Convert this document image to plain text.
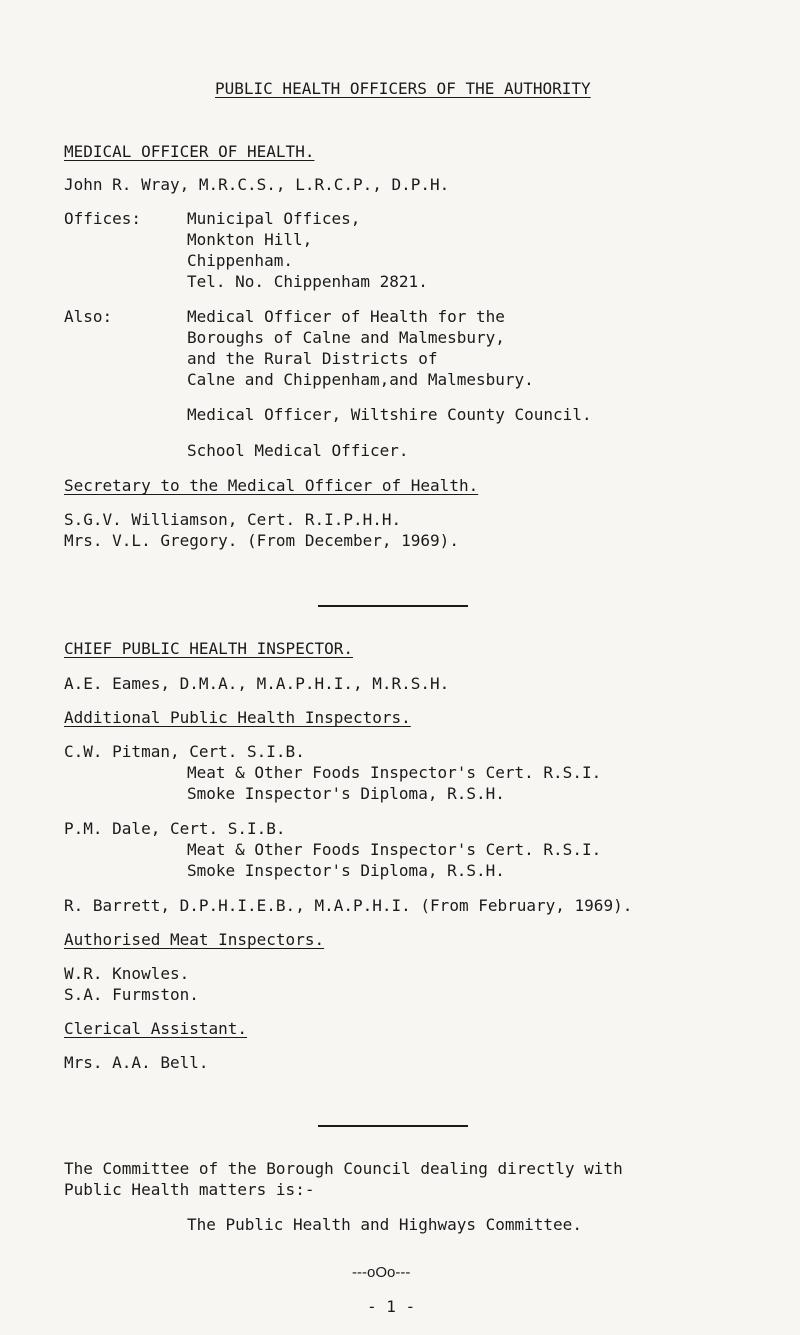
PUBLIC HEALTH OFFICERS OF THE AUTHORITY
MEDICAL OFFICER OF HEALTH.
John R. Wray, M.R.C.S., L.R.C.P., D.P.H.
Offices:	Municipal Offices,
Monkton Hill,
Chippenham.
Tel. No. Chippenham 2821.
Also:	Medical Officer of Health for the
Boroughs of Calne and Malmesbury,
and the Rural Districts of
Calne and Chippenham,and Malmesbury.
Medical Officer, Wiltshire County Council.
School Medical Officer.
Secretary to the Medical Officer of Health.
S.G.V. Williamson, Cert. R.I.P.H.H.
Mrs. V.L. Gregory. (From December, 1969).
CHIEF PUBLIC HEALTH INSPECTOR.
A.E. Eames, D.M.A., M.A.P.H.I., M.R.S.H.
Additional Public Health Inspectors.
C.W. Pitman, Cert. S.I.B.
Meat & Other Foods Inspector's Cert. R.S.I.
Smoke Inspector's Diploma, R.S.H.
P.M. Dale, Cert. S.I.B.
Meat & Other Foods Inspector's Cert. R.S.I.
Smoke Inspector's Diploma, R.S.H.
R. Barrett, D.P.H.I.E.B., M.A.P.H.I. (From February, 1969).
Authorised Meat Inspectors.
W.R. Knowles.
S.A. Furmston.
Clerical Assistant.
Mrs. A.A. Bell.
The Committee of the Borough Council dealing directly with
Public Health matters is:-
The Public Health and Highways Committee.
---oOo---
- 1 -
